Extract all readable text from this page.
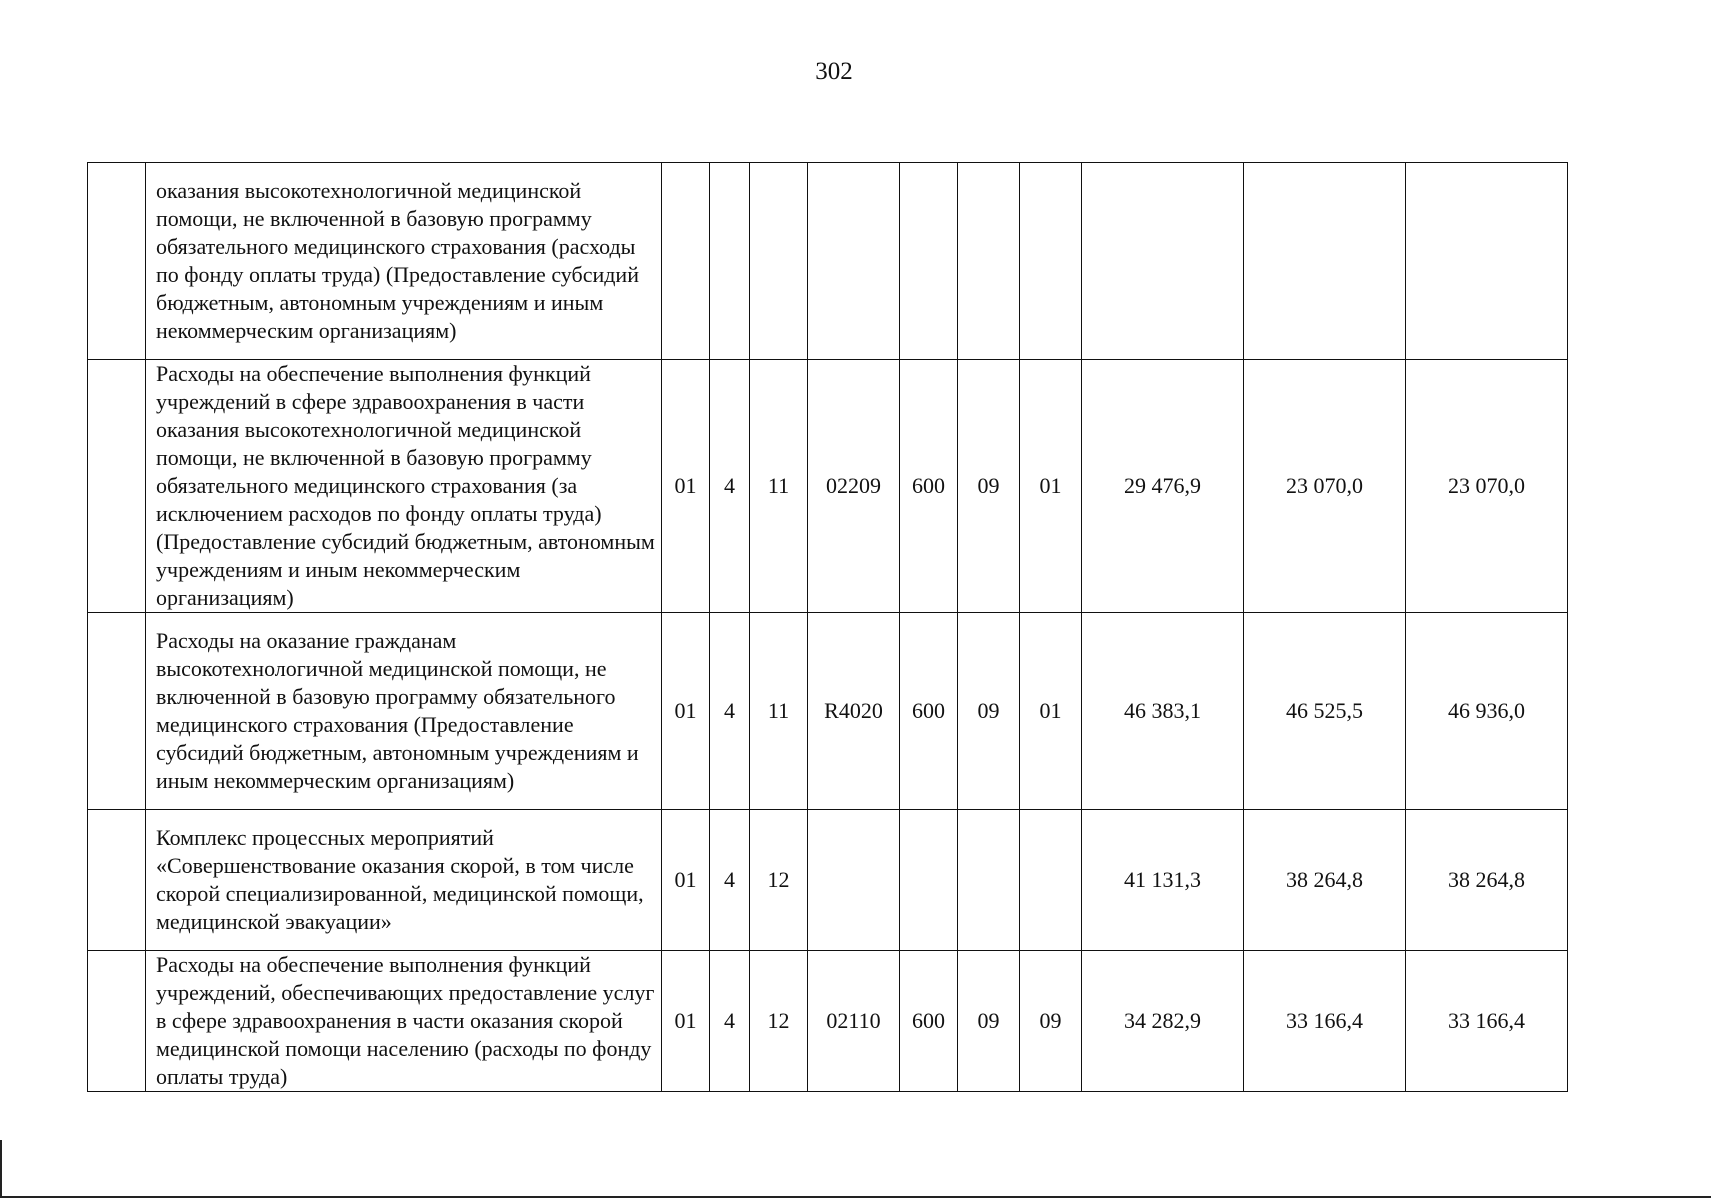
302
	оказания высокотехнологичной медицинской помощи, не включенной в базовую программу обязательного медицинского страхования (расходы по фонду оплаты труда) (Предоставление субсидий бюджетным, автономным учреждениям и иным некоммерческим организациям)										
	Расходы на обеспечение выполнения функций учреждений в сфере здравоохранения в части оказания высокотехнологичной медицинской помощи, не включенной в базовую программу обязательного медицинского страхования (за исключением расходов по фонду оплаты труда) (Предоставление субсидий бюджетным, автономным учреждениям и иным некоммерческим организациям)	01	4	11	02209	600	09	01	29 476,9	23 070,0	23 070,0
	Расходы на оказание гражданам высокотехнологичной медицинской помощи, не включенной в базовую программу обязательного медицинского страхования (Предоставление субсидий бюджетным, автономным учреждениям и иным некоммерческим организациям)	01	4	11	R4020	600	09	01	46 383,1	46 525,5	46 936,0
	Комплекс процессных мероприятий «Совершенствование оказания скорой, в том числе скорой специализированной, медицинской помощи, медицинской эвакуации»	01	4	12					41 131,3	38 264,8	38 264,8
	Расходы на обеспечение выполнения функций учреждений, обеспечивающих предоставление услуг в сфере здравоохранения в части оказания скорой медицинской помощи населению (расходы по фонду оплаты труда)	01	4	12	02110	600	09	09	34 282,9	33 166,4	33 166,4
